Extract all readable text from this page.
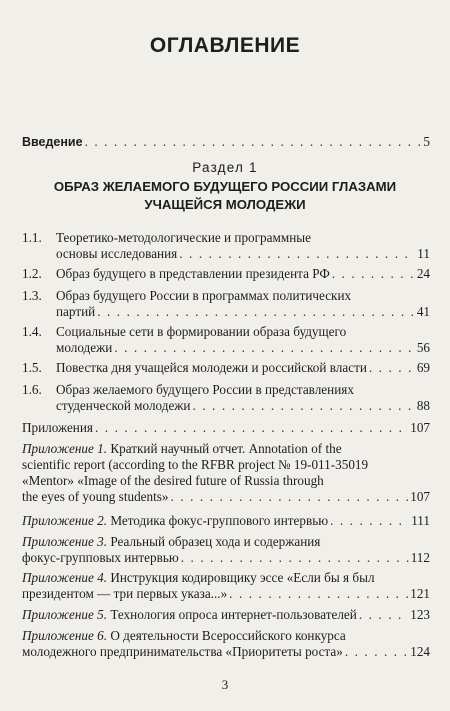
ОГЛАВЛЕНИЕ
Введение . . .	5
Раздел 1
ОБРАЗ ЖЕЛАЕМОГО БУДУЩЕГО РОССИИ ГЛАЗАМИ УЧАЩЕЙСЯ МОЛОДЕЖИ
1.1.	Теоретико-методологические и программные
основы исследования . . .	11
1.2.	Образ будущего в представлении президента РФ . . .	24
1.3.	Образ будущего России в программах политических
партий . . .	41
1.4.	Социальные сети в формировании образа будущего
молодежи . . .	56
1.5.	Повестка дня учащейся молодежи и российской власти . . .	69
1.6.	Образ желаемого будущего России в представлениях
студенческой молодежи . . .	88
Приложения . . .	107
Приложение 1. Краткий научный отчет. Annotation of the
scientific report (according to the RFBR project № 19-011-35019
«Mentor» «Image of the desired future of Russia through
the eyes of young students» . . .	107
Приложение 2. Методика фокус-группового интервью . . .	111
Приложение 3. Реальный образец хода и содержания
фокус-групповых интервью . . .	112
Приложение 4. Инструкция кодировщику эссе «Если бы я был
президентом — три первых указа...» . . .	121
Приложение 5. Технология опроса интернет-пользователей . . .	123
Приложение 6. О деятельности Всероссийского конкурса
молодежного предпринимательства «Приоритеты роста» . . .	124
3
